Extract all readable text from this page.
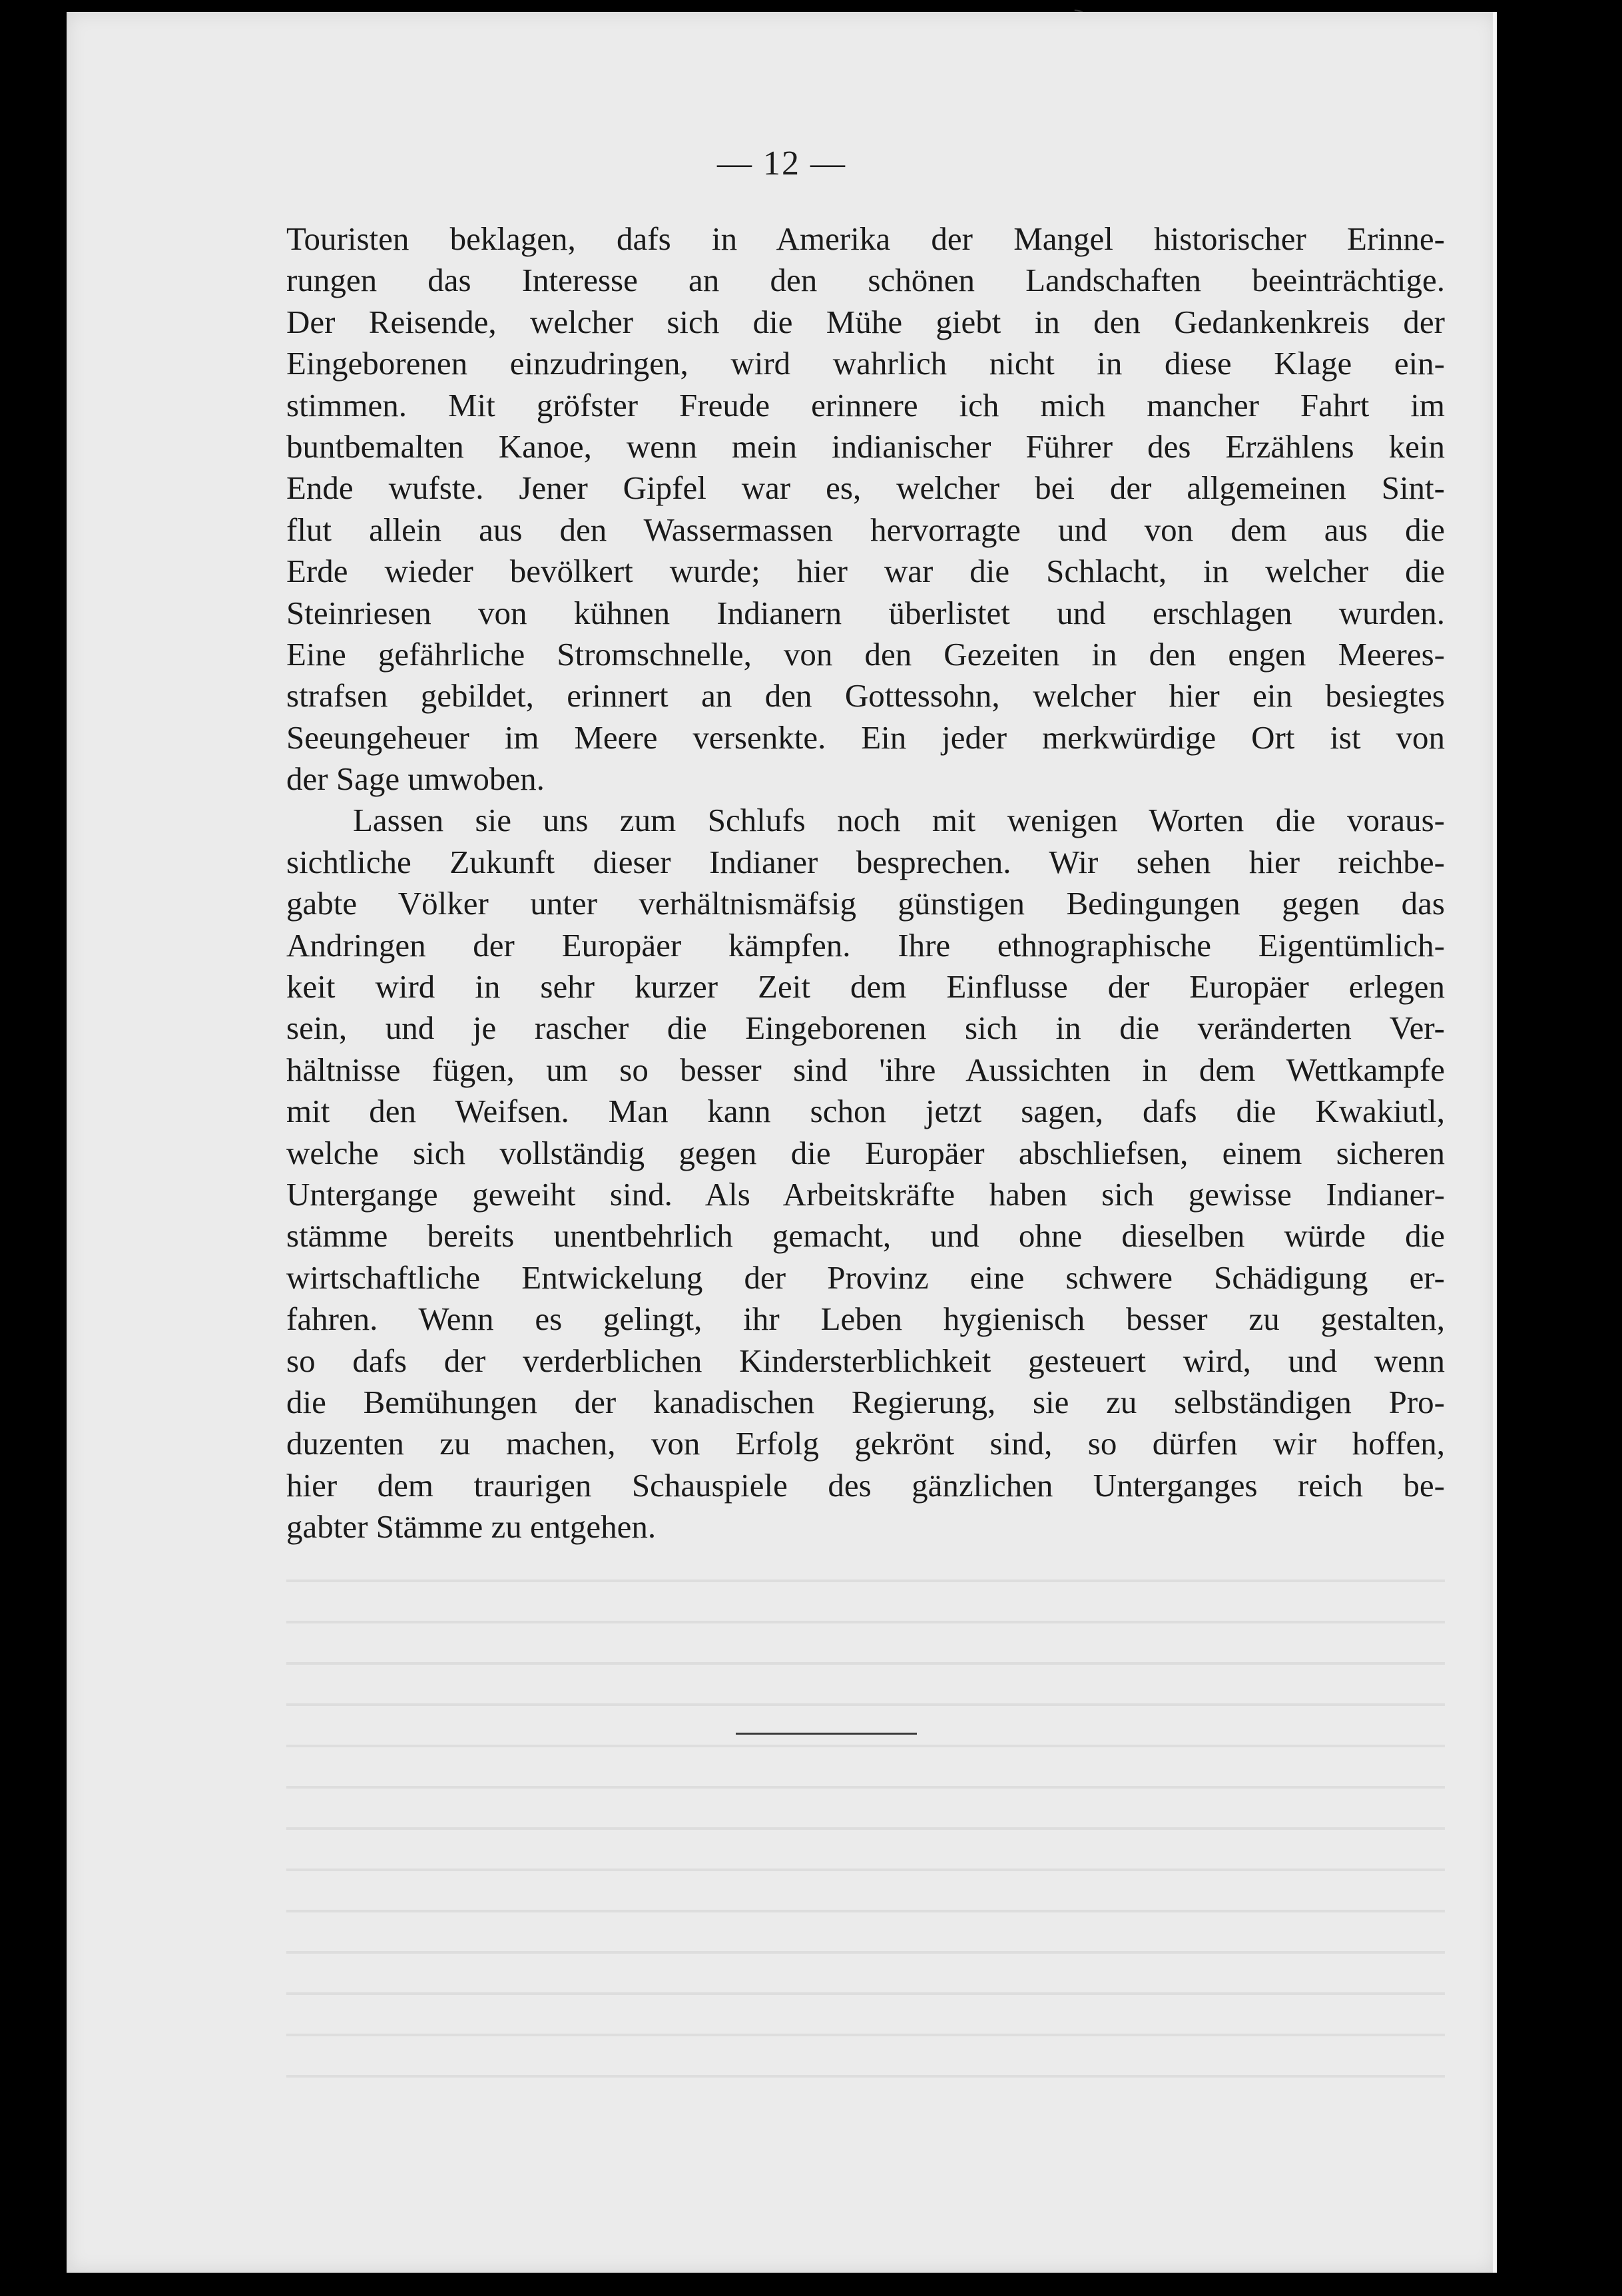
— 12 —
Touristen beklagen, dafs in Amerika der Mangel historischer Erinne-
rungen das Interesse an den schönen Landschaften beeinträchtige.
Der Reisende, welcher sich die Mühe giebt in den Gedankenkreis der
Eingeborenen einzudringen, wird wahrlich nicht in diese Klage ein-
stimmen. Mit gröfster Freude erinnere ich mich mancher Fahrt im
buntbemalten Kanoe, wenn mein indianischer Führer des Erzählens kein
Ende wufste. Jener Gipfel war es, welcher bei der allgemeinen Sint-
flut allein aus den Wassermassen hervorragte und von dem aus die
Erde wieder bevölkert wurde; hier war die Schlacht, in welcher die
Steinriesen von kühnen Indianern überlistet und erschlagen wurden.
Eine gefährliche Stromschnelle, von den Gezeiten in den engen Meeres-
strafsen gebildet, erinnert an den Gottessohn, welcher hier ein besiegtes
Seeungeheuer im Meere versenkte. Ein jeder merkwürdige Ort ist von
der Sage umwoben.
Lassen sie uns zum Schlufs noch mit wenigen Worten die voraus-
sichtliche Zukunft dieser Indianer besprechen. Wir sehen hier reichbe-
gabte Völker unter verhältnismäfsig günstigen Bedingungen gegen das
Andringen der Europäer kämpfen. Ihre ethnographische Eigentümlich-
keit wird in sehr kurzer Zeit dem Einflusse der Europäer erlegen
sein, und je rascher die Eingeborenen sich in die veränderten Ver-
hältnisse fügen, um so besser sind 'ihre Aussichten in dem Wettkampfe
mit den Weifsen. Man kann schon jetzt sagen, dafs die Kwakiutl,
welche sich vollständig gegen die Europäer abschliefsen, einem sicheren
Untergange geweiht sind. Als Arbeitskräfte haben sich gewisse Indianer-
stämme bereits unentbehrlich gemacht, und ohne dieselben würde die
wirtschaftliche Entwickelung der Provinz eine schwere Schädigung er-
fahren. Wenn es gelingt, ihr Leben hygienisch besser zu gestalten,
so dafs der verderblichen Kindersterblichkeit gesteuert wird, und wenn
die Bemühungen der kanadischen Regierung, sie zu selbständigen Pro-
duzenten zu machen, von Erfolg gekrönt sind, so dürfen wir hoffen,
hier dem traurigen Schauspiele des gänzlichen Unterganges reich be-
gabter Stämme zu entgehen.
